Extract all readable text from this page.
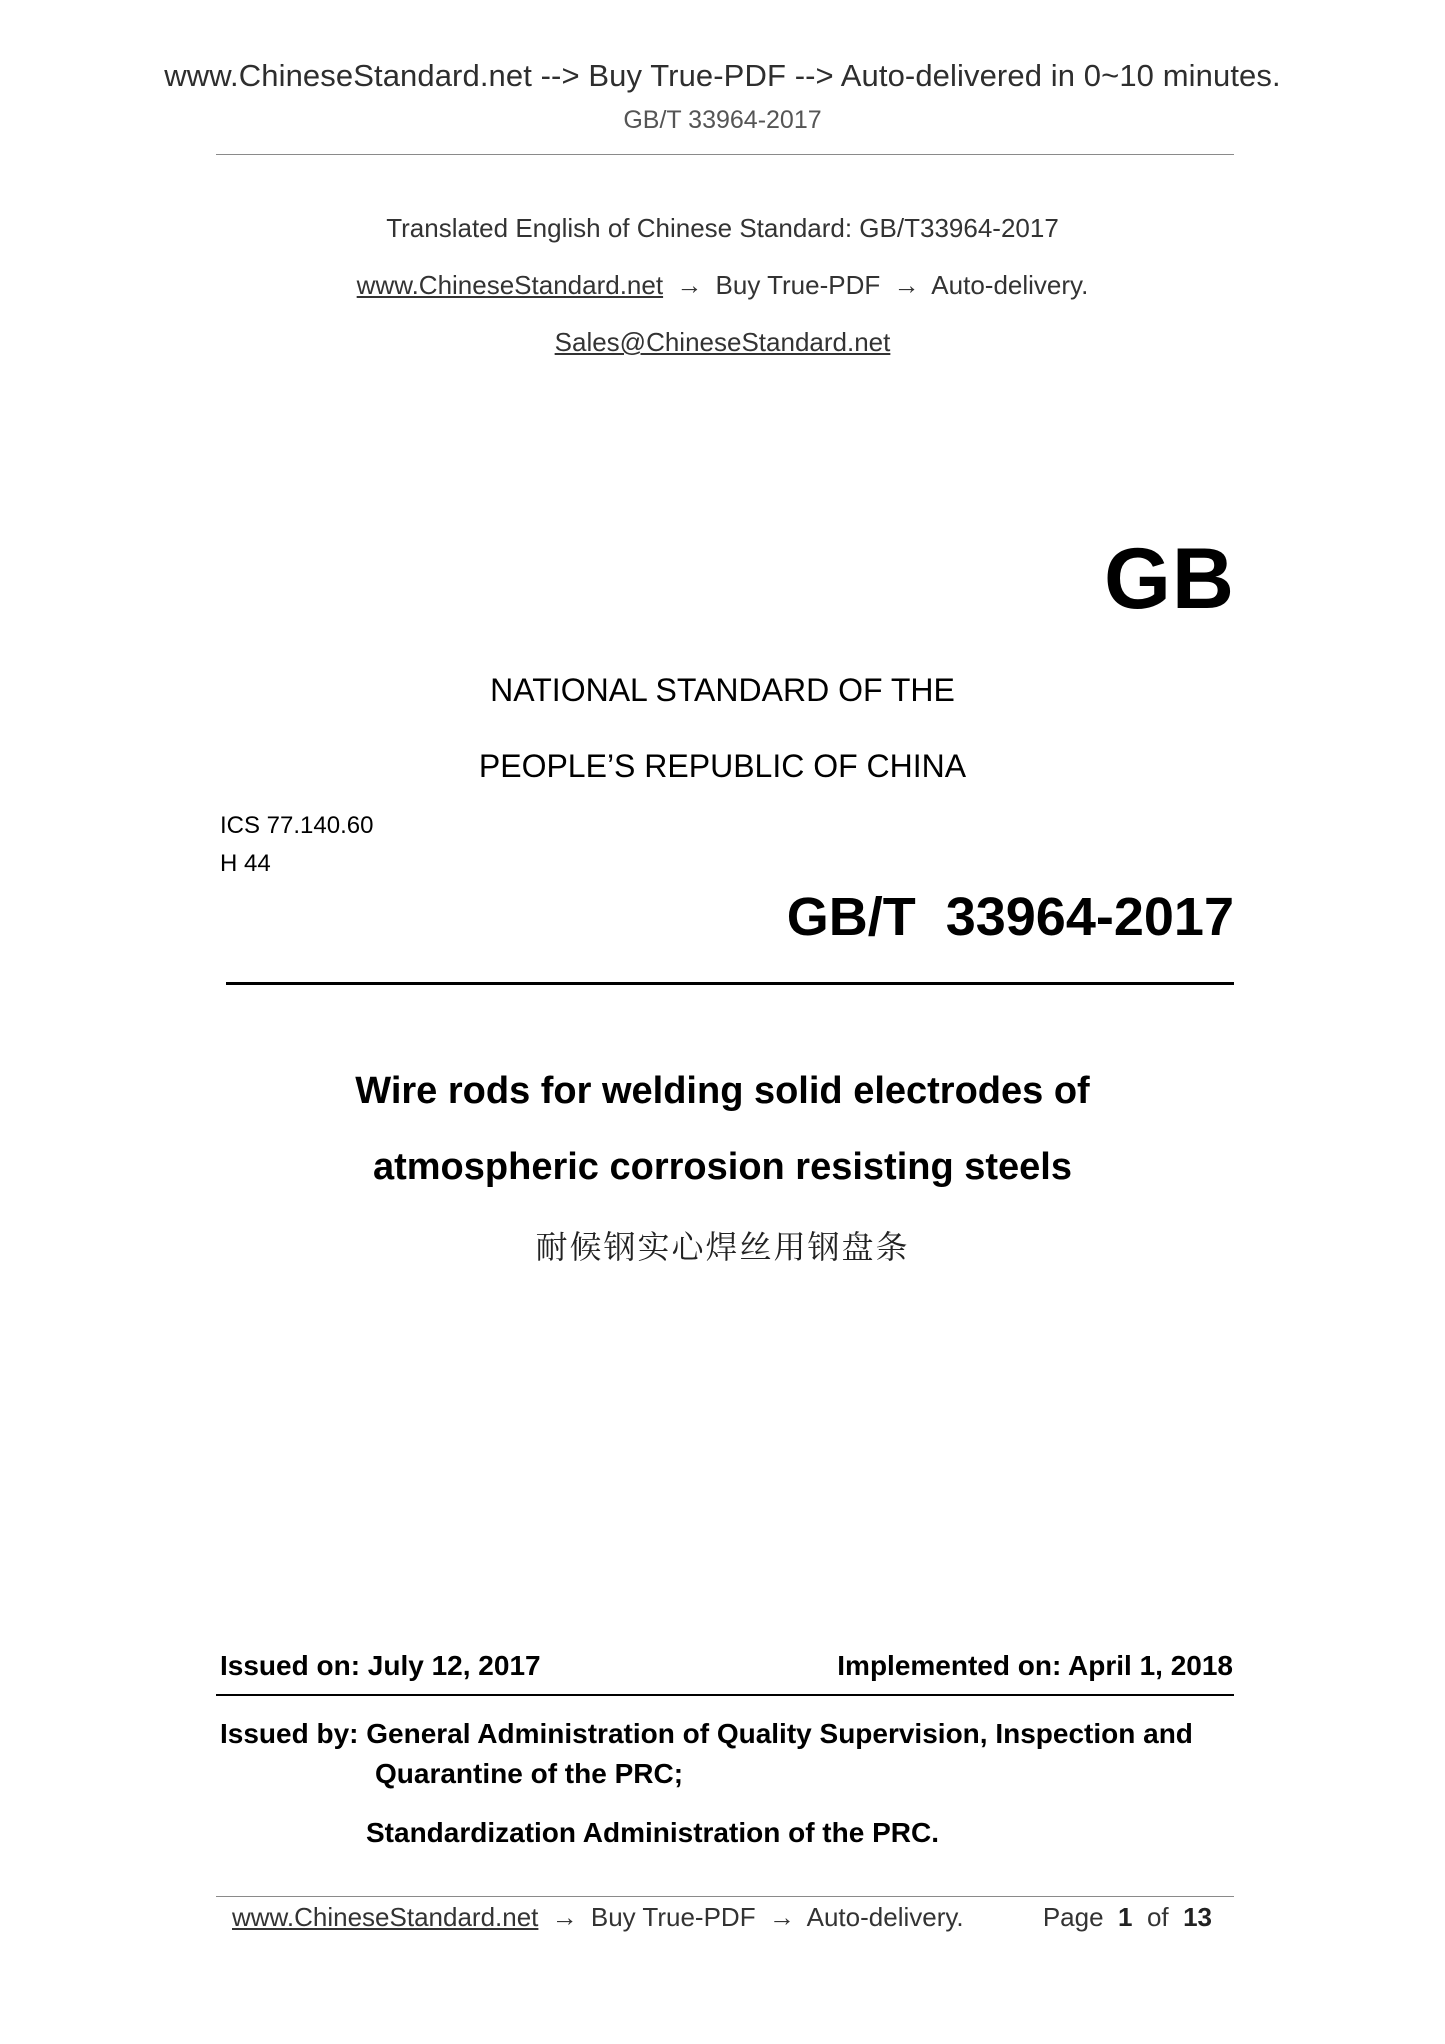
www.ChineseStandard.net --> Buy True-PDF --> Auto-delivered in 0~10 minutes.
GB/T 33964-2017
Translated English of Chinese Standard: GB/T33964-2017
www.ChineseStandard.net → Buy True-PDF → Auto-delivery.
Sales@ChineseStandard.net
GB
NATIONAL STANDARD OF THE
PEOPLE’S REPUBLIC OF CHINA
ICS 77.140.60
H 44
GB/T  33964-2017
Wire rods for welding solid electrodes of
atmospheric corrosion resisting steels
耐候钢实心焊丝用钢盘条
Issued on: July 12, 2017	Implemented on: April 1, 2018
Issued by: General Administration of Quality Supervision, Inspection and
Quarantine of the PRC;
Standardization Administration of the PRC.
www.ChineseStandard.net → Buy True-PDF → Auto-delivery.	Page 1 of 13
